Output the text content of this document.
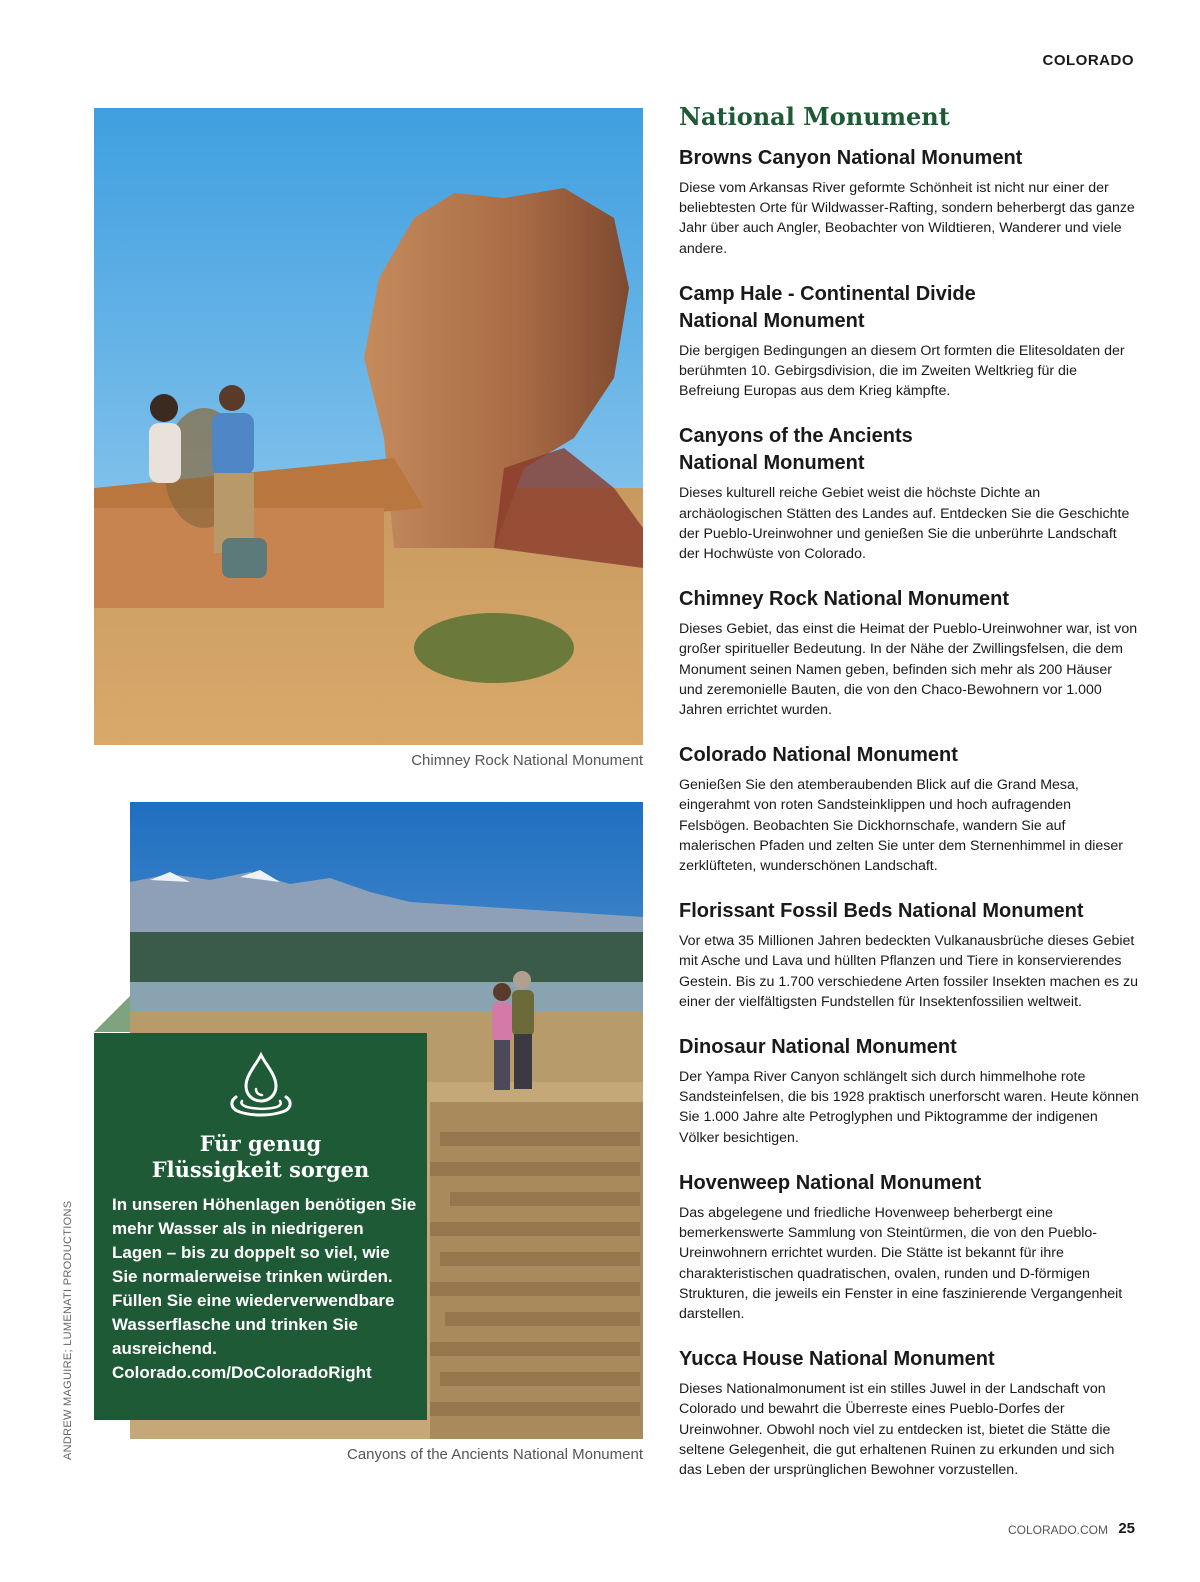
COLORADO
Chimney Rock National Monument
Canyons of the Ancients National Monument
ANDREW MAGUIRE; LUMENATI PRODUCTIONS
Für genug
Flüssigkeit sorgen
In unseren Höhenlagen benötigen Sie mehr Wasser als in niedrigeren Lagen – bis zu doppelt so viel, wie Sie normalerweise trinken würden. Füllen Sie eine wiederverwendbare Wasserflasche und trinken Sie ausreichend.
Colorado.com/DoColoradoRight
National Monument
Browns Canyon National Monument

Diese vom Arkansas River geformte Schönheit ist nicht nur einer der beliebtesten Orte für Wildwasser-Rafting, sondern beherbergt das ganze Jahr über auch Angler, Beobachter von Wildtieren, Wanderer und viele andere.

Camp Hale - Continental Divide National Monument

Die bergigen Bedingungen an diesem Ort formten die Elitesoldaten der berühmten 10. Gebirgsdivision, die im Zweiten Weltkrieg für die Befreiung Europas aus dem Krieg kämpfte.

Canyons of the Ancients National Monument

Dieses kulturell reiche Gebiet weist die höchste Dichte an archäologischen Stätten des Landes auf. Entdecken Sie die Geschichte der Pueblo-Ureinwohner und genießen Sie die unberührte Landschaft der Hochwüste von Colorado.

Chimney Rock National Monument

Dieses Gebiet, das einst die Heimat der Pueblo-Ureinwohner war, ist von großer spiritueller Bedeutung. In der Nähe der Zwillingsfelsen, die dem Monument seinen Namen geben, befinden sich mehr als 200 Häuser und zeremonielle Bauten, die von den Chaco-Bewohnern vor 1.000 Jahren errichtet wurden.

Colorado National Monument

Genießen Sie den atemberaubenden Blick auf die Grand Mesa, eingerahmt von roten Sandsteinklippen und hoch aufragenden Felsbögen. Beobachten Sie Dickhornschafe, wandern Sie auf malerischen Pfaden und zelten Sie unter dem Sternenhimmel in dieser zerklüfteten, wunderschönen Landschaft.

Florissant Fossil Beds National Monument

Vor etwa 35 Millionen Jahren bedeckten Vulkanausbrüche dieses Gebiet mit Asche und Lava und hüllten Pflanzen und Tiere in konservierendes Gestein. Bis zu 1.700 verschiedene Arten fossiler Insekten machen es zu einer der vielfältigsten Fundstellen für Insektenfossilien weltweit.

Dinosaur National Monument

Der Yampa River Canyon schlängelt sich durch himmelhohe rote Sandsteinfelsen, die bis 1928 praktisch unerforscht waren. Heute können Sie 1.000 Jahre alte Petroglyphen und Piktogramme der indigenen Völker besichtigen.

Hovenweep National Monument

Das abgelegene und friedliche Hovenweep beherbergt eine bemerkenswerte Sammlung von Steintürmen, die von den Pueblo-Ureinwohnern errichtet wurden. Die Stätte ist bekannt für ihre charakteristischen quadratischen, ovalen, runden und D-förmigen Strukturen, die jeweils ein Fenster in eine faszinierende Vergangenheit darstellen.

Yucca House National Monument

Dieses Nationalmonument ist ein stilles Juwel in der Landschaft von Colorado und bewahrt die Überreste eines Pueblo-Dorfes der Ureinwohner. Obwohl noch viel zu entdecken ist, bietet die Stätte die seltene Gelegenheit, die gut erhaltenen Ruinen zu erkunden und sich das Leben der ursprünglichen Bewohner vorzustellen.

COLORADO.COM 25
